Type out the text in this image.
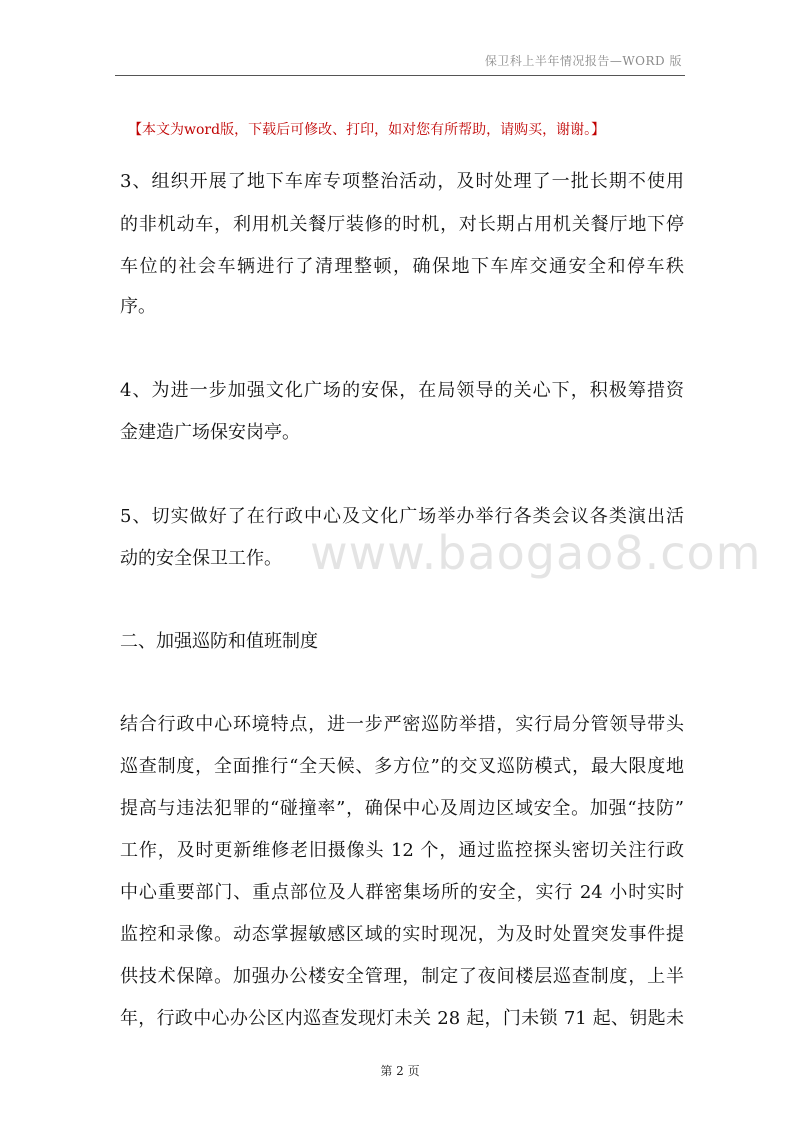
保卫科上半年情况报告—WORD 版
【本文为word版，下载后可修改、打印，如对您有所帮助，请购买，谢谢。】
3、组织开展了地下车库专项整治活动，及时处理了一批长期不使用
的非机动车，利用机关餐厅装修的时机，对长期占用机关餐厅地下停
车位的社会车辆进行了清理整顿，确保地下车库交通安全和停车秩
序。
4、为进一步加强文化广场的安保，在局领导的关心下，积极筹措资
金建造广场保安岗亭。
5、切实做好了在行政中心及文化广场举办举行各类会议各类演出活
动的安全保卫工作。
二、加强巡防和值班制度
结合行政中心环境特点，进一步严密巡防举措，实行局分管领导带头
巡查制度，全面推行“全天候、多方位”的交叉巡防模式，最大限度地
提高与违法犯罪的“碰撞率”，确保中心及周边区域安全。加强“技防”
工作，及时更新维修老旧摄像头 12 个，通过监控探头密切关注行政
中心重要部门、重点部位及人群密集场所的安全，实行 24 小时实时
监控和录像。动态掌握敏感区域的实时现况，为及时处置突发事件提
供技术保障。加强办公楼安全管理，制定了夜间楼层巡查制度，上半
年，行政中心办公区内巡查发现灯未关 28 起，门未锁 71 起、钥匙未
www.baogao8.com
第 2 页
